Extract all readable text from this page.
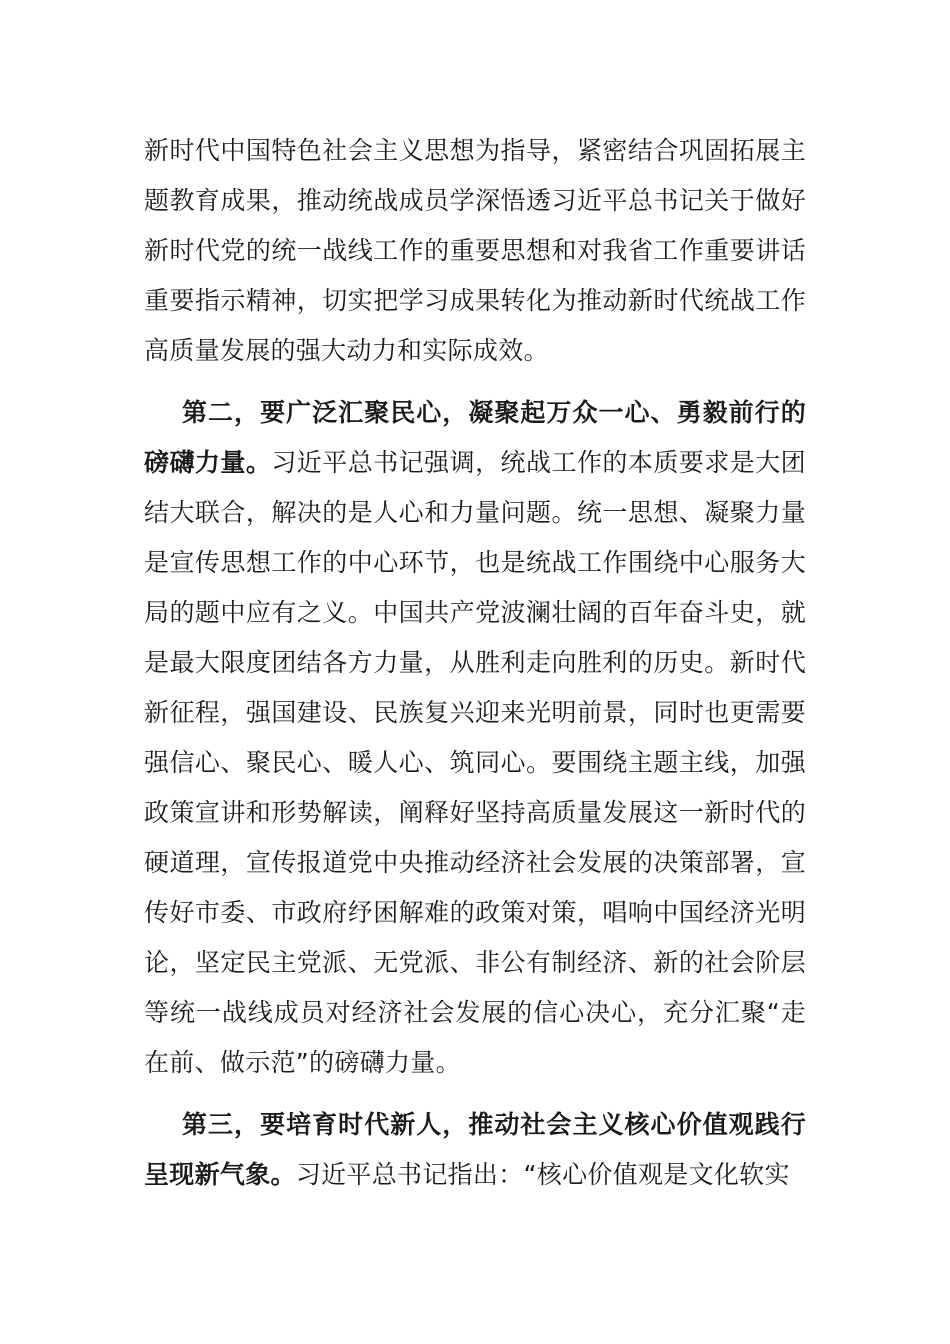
新时代中国特色社会主义思想为指导，紧密结合巩固拓展主题教育成果，推动统战成员学深悟透习近平总书记关于做好新时代党的统一战线工作的重要思想和对我省工作重要讲话重要指示精神，切实把学习成果转化为推动新时代统战工作高质量发展的强大动力和实际成效。

第二，要广泛汇聚民心，凝聚起万众一心、勇毅前行的磅礴力量。习近平总书记强调，统战工作的本质要求是大团结大联合，解决的是人心和力量问题。统一思想、凝聚力量是宣传思想工作的中心环节，也是统战工作围绕中心服务大局的题中应有之义。中国共产党波澜壮阔的百年奋斗史，就是最大限度团结各方力量，从胜利走向胜利的历史。新时代新征程，强国建设、民族复兴迎来光明前景，同时也更需要强信心、聚民心、暖人心、筑同心。要围绕主题主线，加强政策宣讲和形势解读，阐释好坚持高质量发展这一新时代的硬道理，宣传报道党中央推动经济社会发展的决策部署，宣传好市委、市政府纾困解难的政策对策，唱响中国经济光明论，坚定民主党派、无党派、非公有制经济、新的社会阶层等统一战线成员对经济社会发展的信心决心，充分汇聚“走在前、做示范”的磅礴力量。

第三，要培育时代新人，推动社会主义核心价值观践行呈现新气象。习近平总书记指出：“核心价值观是文化软实
